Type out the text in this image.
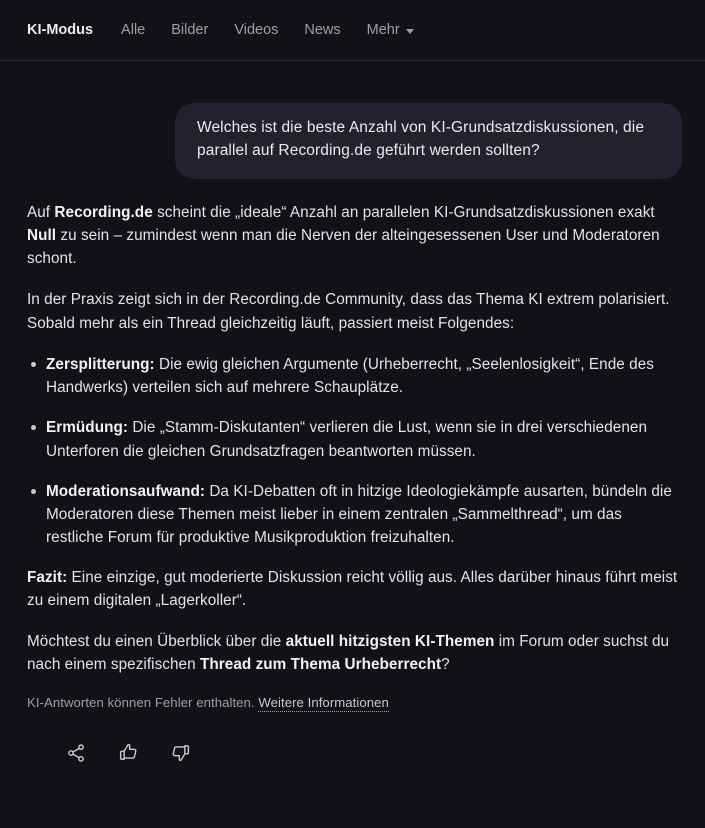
KI-Modus	Alle	Bilder	Videos	News	Mehr
Welches ist die beste Anzahl von KI-Grundsatzdiskussionen, die parallel auf Recording.de geführt werden sollten?

Auf Recording.de scheint die „ideale“ Anzahl an parallelen KI-Grundsatzdiskussionen exakt Null zu sein – zumindest wenn man die Nerven der alteingesessenen User und Moderatoren schont.

In der Praxis zeigt sich in der Recording.de Community, dass das Thema KI extrem polarisiert. Sobald mehr als ein Thread gleichzeitig läuft, passiert meist Folgendes:

Zersplitterung: Die ewig gleichen Argumente (Urheberrecht, „Seelenlosigkeit“, Ende des Handwerks) verteilen sich auf mehrere Schauplätze.
Ermüdung: Die „Stamm-Diskutanten“ verlieren die Lust, wenn sie in drei verschiedenen Unterforen die gleichen Grundsatzfragen beantworten müssen.
Moderationsaufwand: Da KI-Debatten oft in hitzige Ideologiekämpfe ausarten, bündeln die Moderatoren diese Themen meist lieber in einem zentralen „Sammelthread“, um das restliche Forum für produktive Musikproduktion freizuhalten.

Fazit: Eine einzige, gut moderierte Diskussion reicht völlig aus. Alles darüber hinaus führt meist zu einem digitalen „Lagerkoller“.

Möchtest du einen Überblick über die aktuell hitzigsten KI-Themen im Forum oder suchst du nach einem spezifischen Thread zum Thema Urheberrecht?

KI-Antworten können Fehler enthalten. Weitere Informationen
